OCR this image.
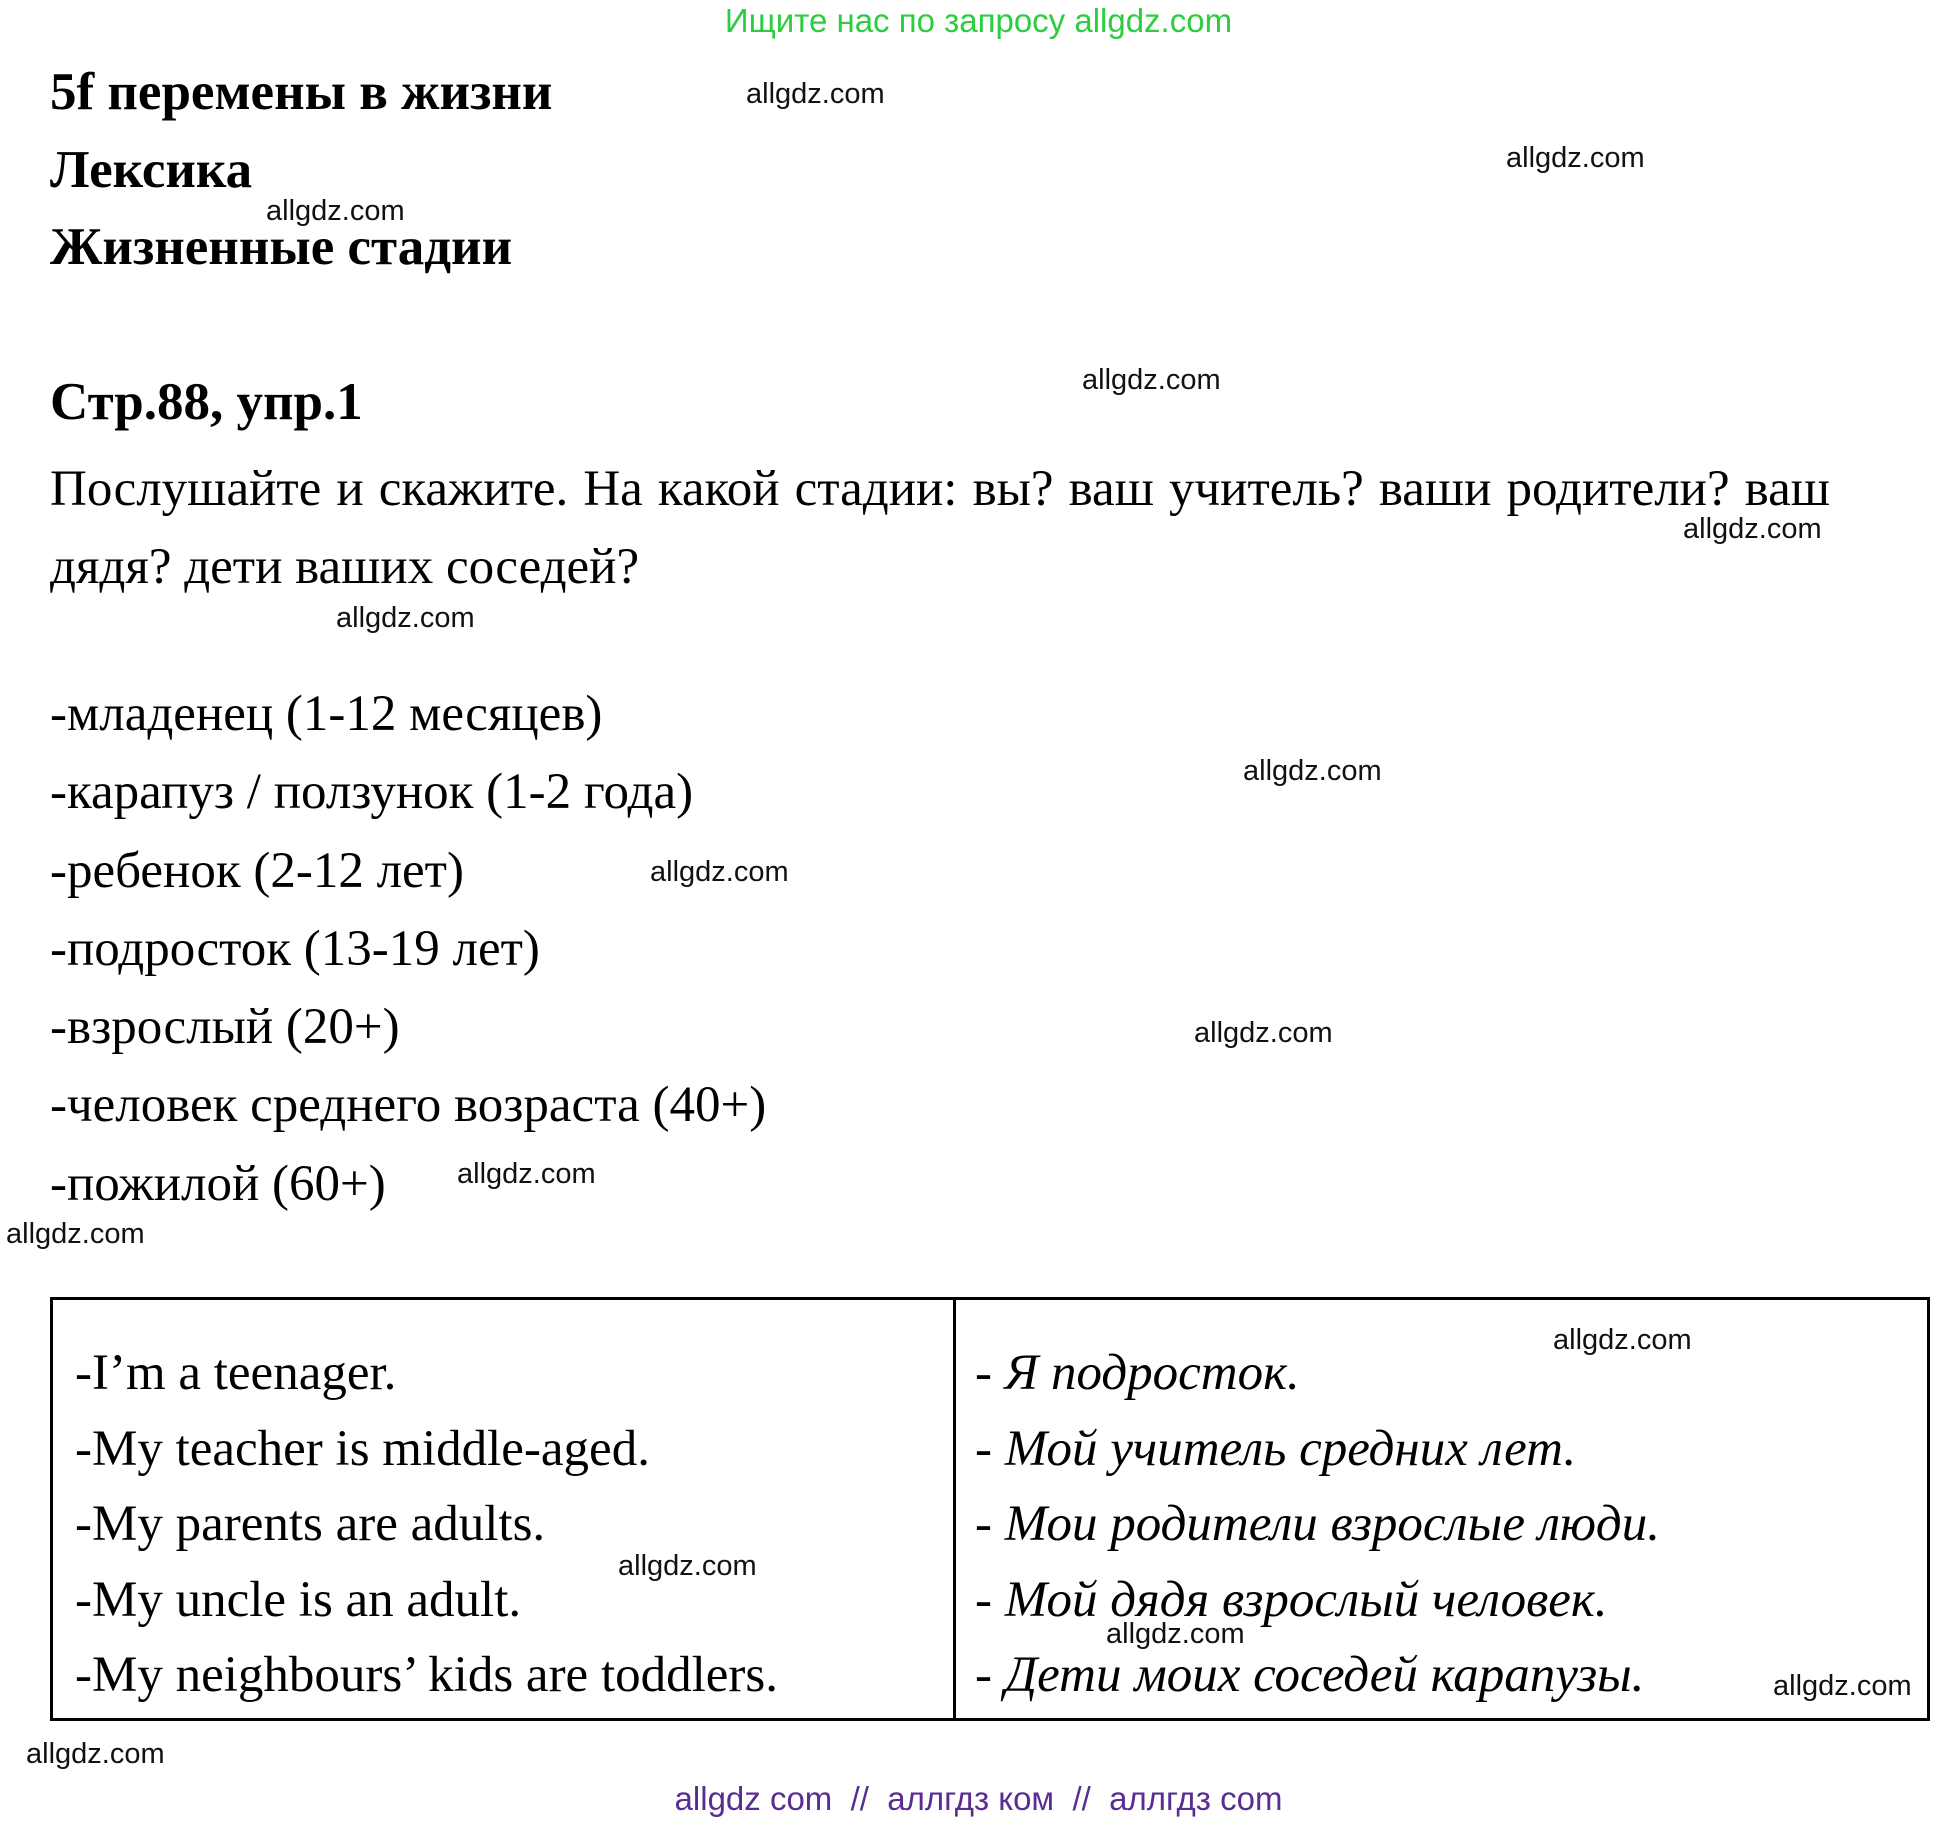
Ищите нас по запросу allgdz.com
5f перемены в жизни
Лексика
Жизненные стадии
Стр.88, упр.1
Послушайте и скажите. На какой стадии: вы? ваш учитель? ваши родители? ваш дядя? дети ваших соседей?
-младенец (1-12 месяцев)
-карапуз / ползунок (1-2 года)
-ребенок (2-12 лет)
-подросток (13-19 лет)
-взрослый (20+)
-человек среднего возраста (40+)
-пожилой (60+)
-I’m a teenager.
-My teacher is middle-aged.
-My parents are adults.
-My uncle is an adult.
-My neighbours’ kids are toddlers.
- Я подросток.
- Мой учитель средних лет.
- Мои родители взрослые люди.
- Мой дядя взрослый человек.
- Дети моих соседей карапузы.
allgdz.com
allgdz.com
allgdz.com
allgdz.com
allgdz.com
allgdz.com
allgdz.com
allgdz.com
allgdz.com
allgdz.com
allgdz.com
allgdz.com
allgdz.com
allgdz.com
allgdz.com
allgdz.com
allgdz com  //  аллгдз ком  //  аллгдз com
